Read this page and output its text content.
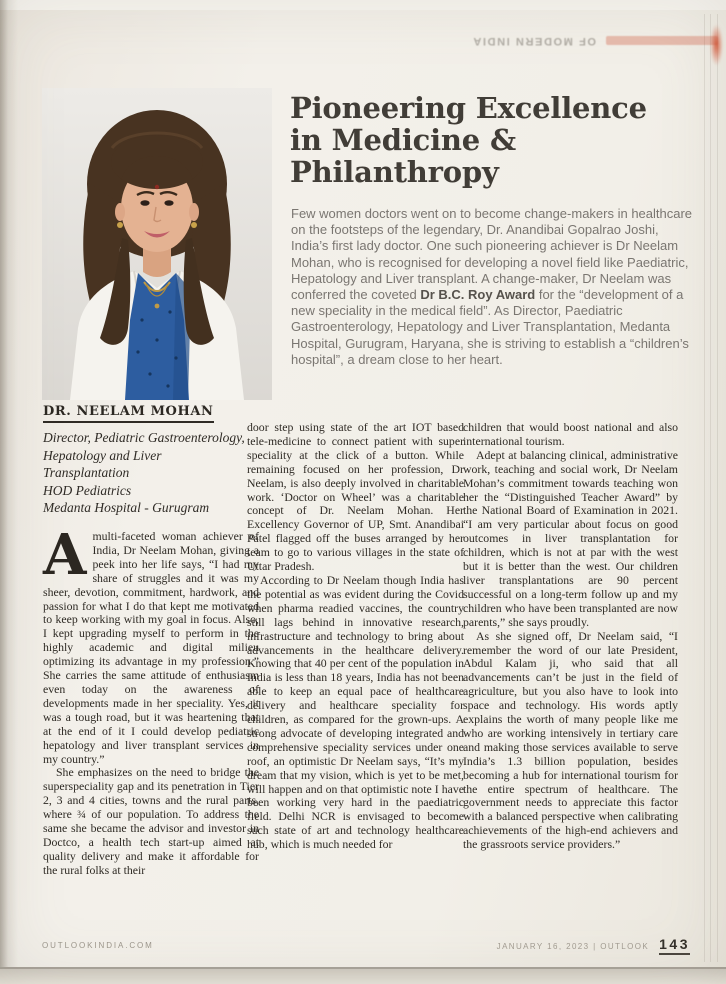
OF MODERN INDIA
Pioneering Excellence in Medicine & Philanthropy

Few women doctors went on to become change-makers in healthcare on the footsteps of the legendary, Dr. Anandibai Gopalrao Joshi, India’s first lady doctor. One such pioneering achiever is Dr Neelam Mohan, who is recognised for developing a novel field like Paediatric, Hepatology and Liver transplant. A change-maker, Dr Neelam was conferred the coveted Dr B.C. Roy Award for the “development of a new speciality in the medical field”. As Director, Paediatric Gastroenterology, Hepatology and Liver Transplantation, Medanta Hospital, Gurugram, Haryana, she is striving to establish a “children’s hospital”, a dream close to her heart.

DR. NEELAM MOHAN

Director, Pediatric Gastroenterology, Hepatology and Liver Transplantation

HOD Pediatrics

Medanta Hospital - Gurugram

Amulti-faceted woman achiever of India, Dr Neelam Mohan, giving a peek into her life says, “I had my share of struggles and it was my sheer, devotion, commitment, hardwork, and passion for what I do that kept me motivated to keep working with my goal in focus. Also, I kept upgrading myself to perform in the highly academic and digital milieu optimizing its advantage in my profession.” She carries the same attitude of enthusiasm even today on the awareness of developments made in her speciality. Yes, it was a tough road, but it was heartening that at the end of it I could develop pediatric hepatology and liver transplant services in my country.”

She emphasizes on the need to bridge the superspeciality gap and its penetration in Tier 2, 3 and 4 cities, towns and the rural parts, where ¾ of our population. To address the same she became the advisor and investor in Doctco, a health tech start-up aimed at quality delivery and make it affordable for the rural folks at their

door step using state of the art IOT based tele-medicine to connect patient with super speciality at the click of a button. While remaining focused on her profession, Dr Neelam, is also deeply involved in charitable work. ‘Doctor on Wheel’ was a charitable concept of Dr. Neelam Mohan. Her Excellency Governor of UP, Smt. Anandibai Patel flagged off the buses arranged by her team to go to various villages in the state of Uttar Pradesh.

According to Dr Neelam though India has the potential as was evident during the Covid when pharma readied vaccines, the country still lags behind in innovative research, infrastructure and technology to bring about advancements in the healthcare delivery. Knowing that 40 per cent of the population in India is less than 18 years, India has not been able to keep an equal pace of healthcare delivery and healthcare speciality for children, as compared for the grown-ups. A strong advocate of developing integrated and comprehensive speciality services under one roof, an optimistic Dr Neelam says, “It’s my dream that my vision, which is yet to be met, will happen and on that optimistic note I have been working very hard in the paediatric field. Delhi NCR is envisaged to become such state of art and technology healthcare hub, which is much needed for

children that would boost national and also international tourism.

Adept at balancing clinical, administrative work, teaching and social work, Dr Neelam Mohan’s commitment towards teaching won her the “Distinguished Teacher Award” by the National Board of Examination in 2021. “I am very particular about focus on good outcomes in liver transplantation for children, which is not at par with the west but it is better than the west. Our children liver transplantations are 90 percent successful on a long-term follow up and my children who have been transplanted are now parents,” she says proudly.

As she signed off, Dr Neelam said, “I remember the word of our late President, Abdul Kalam ji, who said that all advancements can’t be just in the field of agriculture, but you also have to look into space and technology. His words aptly explains the worth of many people like me who are working intensively in tertiary care and making those services available to serve India’s 1.3 billion population, besides becoming a hub for international tourism for the entire spectrum of healthcare. The government needs to appreciate this factor with a balanced perspective when calibrating achievements of the high-end achievers and the grassroots service providers.”

OUTLOOKINDIA.COM	JANUARY 16, 2023 | OUTLOOK 143
